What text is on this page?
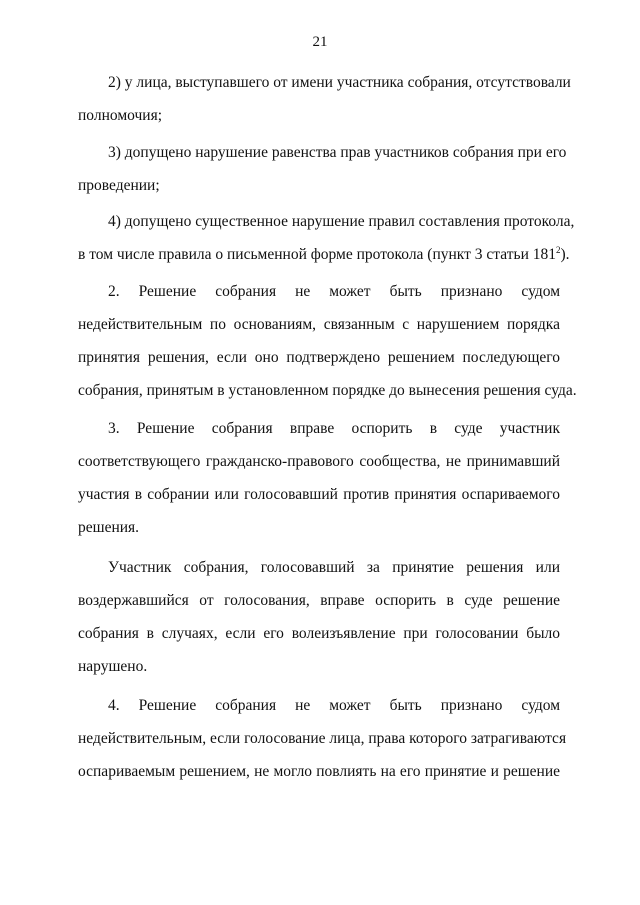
21
2) у лица, выступавшего от имени участника собрания, отсутствовали
полномочия;
3) допущено нарушение равенства прав участников собрания при его
проведении;
4) допущено существенное нарушение правил составления протокола,
в том числе правила о письменной форме протокола (пункт 3 статьи $181^2$).
2. Решение собрания не может быть признано судом
недействительным по основаниям, связанным с нарушением порядка
принятия решения, если оно подтверждено решением последующего
собрания, принятым в установленном порядке до вынесения решения суда.
3. Решение собрания вправе оспорить в суде участник
соответствующего гражданско-правового сообщества, не принимавший
участия в собрании или голосовавший против принятия оспариваемого
решения.
Участник собрания, голосовавший за принятие решения или
воздержавшийся от голосования, вправе оспорить в суде решение
собрания в случаях, если его волеизъявление при голосовании было
нарушено.
4. Решение собрания не может быть признано судом
недействительным, если голосование лица, права которого затрагиваются
оспариваемым решением, не могло повлиять на его принятие и решение
